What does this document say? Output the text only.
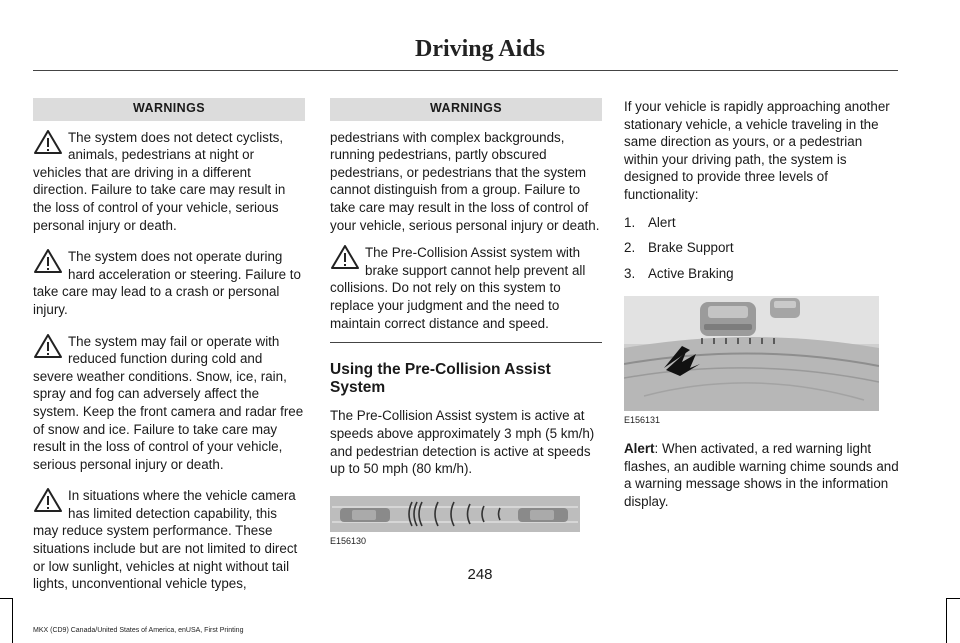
Driving Aids
WARNINGS
The system does not detect cyclists, animals, pedestrians at night or vehicles that are driving in a different direction. Failure to take care may result in the loss of control of your vehicle, serious personal injury or death.
The system does not operate during hard acceleration or steering. Failure to take care may lead to a crash or personal injury.
The system may fail or operate with reduced function during cold and severe weather conditions. Snow, ice, rain, spray and fog can adversely affect the system. Keep the front camera and radar free of snow and ice. Failure to take care may result in the loss of control of your vehicle, serious personal injury or death.
In situations where the vehicle camera has limited detection capability, this may reduce system performance. These situations include but are not limited to direct or low sunlight, vehicles at night without tail lights, unconventional vehicle types,
WARNINGS

pedestrians with complex backgrounds, running pedestrians, partly obscured pedestrians, or pedestrians that the system cannot distinguish from a group. Failure to take care may result in the loss of control of your vehicle, serious personal injury or death.

The Pre-Collision Assist system with brake support cannot help prevent all collisions. Do not rely on this system to replace your judgment and the need to maintain correct distance and speed.
Using the Pre-Collision Assist System

The Pre-Collision Assist system is active at speeds above approximately 3 mph (5 km/h) and pedestrian detection is active at speeds up to 50 mph (80 km/h).

E156130

If your vehicle is rapidly approaching another stationary vehicle, a vehicle traveling in the same direction as yours, or a pedestrian within your driving path, the system is designed to provide three levels of functionality:

1. Alert
2. Brake Support
3. Active Braking
E156131

Alert: When activated, a red warning light flashes, an audible warning chime sounds and a warning message shows in the information display.

248
MKX (CD9) Canada/United States of America, enUSA, First Printing
